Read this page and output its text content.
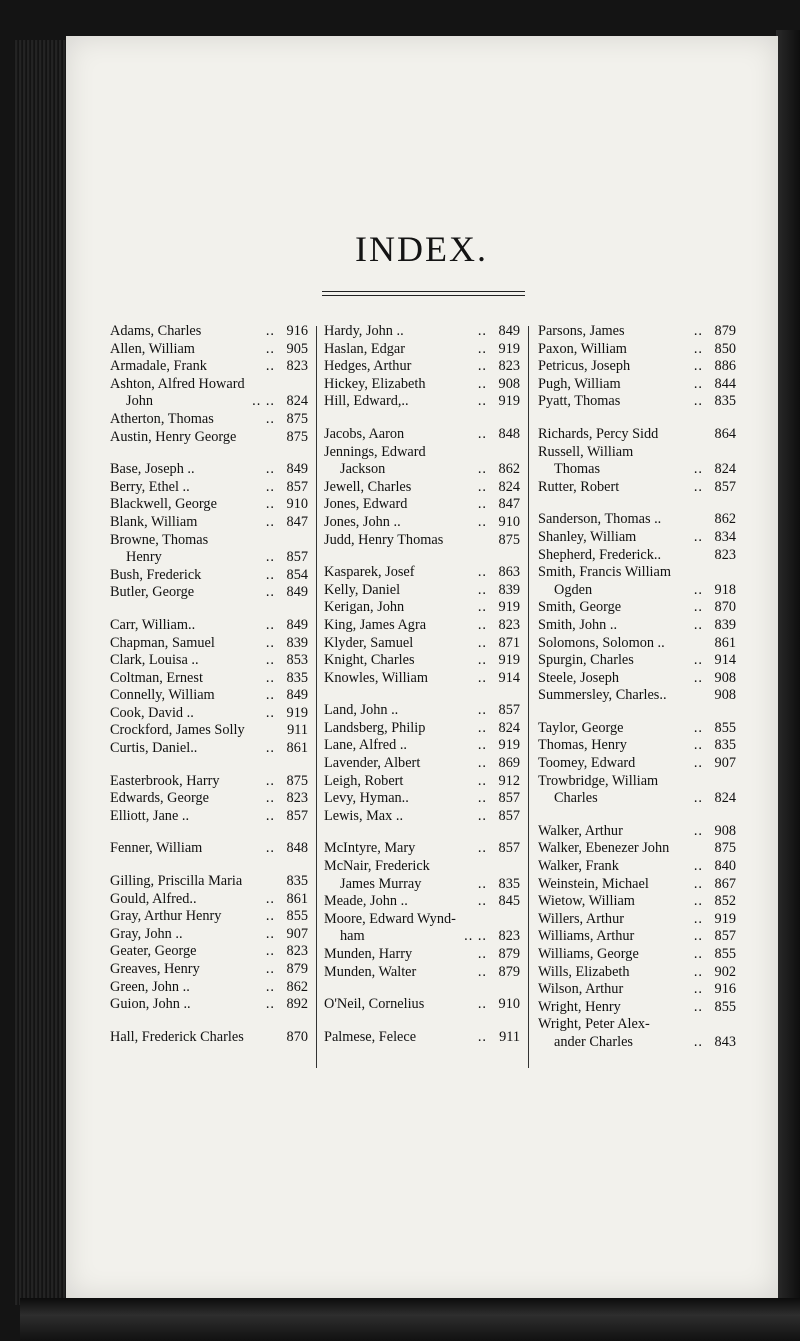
INDEX.
Adams, Charles	.. 916
Allen, William	.. 905
Armadale, Frank	.. 823
Ashton, Alfred Howard
John	.. .. 824
Atherton, Thomas	.. 875
Austin, Henry George	875
Base, Joseph ..	.. 849
Berry, Ethel ..	.. 857
Blackwell, George	.. 910
Blank, William	.. 847
Browne, Thomas
Henry	.. 857
Bush, Frederick	.. 854
Butler, George	.. 849
Carr, William..	.. 849
Chapman, Samuel	.. 839
Clark, Louisa ..	.. 853
Coltman, Ernest	.. 835
Connelly, William	.. 849
Cook, David ..	.. 919
Crockford, James Solly	911
Curtis, Daniel..	.. 861
Easterbrook, Harry	.. 875
Edwards, George	.. 823
Elliott, Jane ..	.. 857
Fenner, William	.. 848
Gilling, Priscilla Maria	835
Gould, Alfred..	.. 861
Gray, Arthur Henry	.. 855
Gray, John ..	.. 907
Geater, George	.. 823
Greaves, Henry	.. 879
Green, John ..	.. 862
Guion, John ..	.. 892
Hall, Frederick Charles	870
Hardy, John ..	.. 849
Haslan, Edgar	.. 919
Hedges, Arthur	.. 823
Hickey, Elizabeth	.. 908
Hill, Edward,..	.. 919
Jacobs, Aaron	.. 848
Jennings, Edward
Jackson	.. 862
Jewell, Charles	.. 824
Jones, Edward	.. 847
Jones, John ..	.. 910
Judd, Henry Thomas	875
Kasparek, Josef	.. 863
Kelly, Daniel	.. 839
Kerigan, John	.. 919
King, James Agra	.. 823
Klyder, Samuel	.. 871
Knight, Charles	.. 919
Knowles, William	.. 914
Land, John ..	.. 857
Landsberg, Philip	.. 824
Lane, Alfred ..	.. 919
Lavender, Albert	.. 869
Leigh, Robert	.. 912
Levy, Hyman..	.. 857
Lewis, Max ..	.. 857
McIntyre, Mary	.. 857
McNair, Frederick
James Murray	.. 835
Meade, John ..	.. 845
Moore, Edward Wynd-
ham	.. .. 823
Munden, Harry	.. 879
Munden, Walter	.. 879
O'Neil, Cornelius	.. 910
Palmese, Felece	.. 911
Parsons, James	.. 879
Paxon, William	.. 850
Petricus, Joseph	.. 886
Pugh, William	.. 844
Pyatt, Thomas	.. 835
Richards, Percy Sidd	864
Russell, William
Thomas	.. 824
Rutter, Robert	.. 857
Sanderson, Thomas ..	862
Shanley, William	.. 834
Shepherd, Frederick..	823
Smith, Francis William
Ogden	.. 918
Smith, George	.. 870
Smith, John ..	.. 839
Solomons, Solomon ..	861
Spurgin, Charles	.. 914
Steele, Joseph	.. 908
Summersley, Charles..	908
Taylor, George	.. 855
Thomas, Henry	.. 835
Toomey, Edward	.. 907
Trowbridge, William
Charles	.. 824
Walker, Arthur	.. 908
Walker, Ebenezer John	875
Walker, Frank	.. 840
Weinstein, Michael	.. 867
Wietow, William	.. 852
Willers, Arthur	.. 919
Williams, Arthur	.. 857
Williams, George	.. 855
Wills, Elizabeth	.. 902
Wilson, Arthur	.. 916
Wright, Henry	.. 855
Wright, Peter Alex-
ander Charles	.. 843
